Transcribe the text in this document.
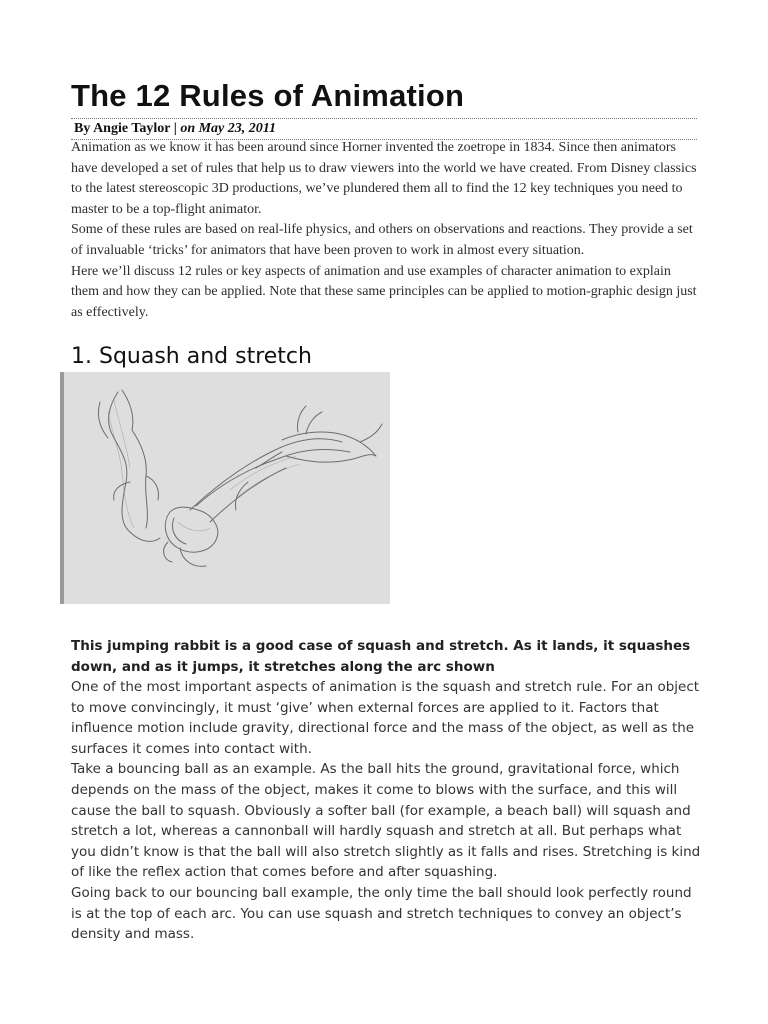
The 12 Rules of Animation
By Angie Taylor | on May 23, 2011

Animation as we know it has been around since Horner invented the zoetrope in 1834. Since then animators have developed a set of rules that help us to draw viewers into the world we have created. From Disney classics to the latest stereoscopic 3D productions, we’ve plundered them all to find the 12 key techniques you need to master to be a top-flight animator.

Some of these rules are based on real-life physics, and others on observations and reactions. They provide a set of invaluable ‘tricks’ for animators that have been proven to work in almost every situation.

Here we’ll discuss 12 rules or key aspects of animation and use examples of character animation to explain them and how they can be applied. Note that these same principles can be applied to motion-graphic design just as effectively.

1. Squash and stretch

This jumping rabbit is a good case of squash and stretch. As it lands, it squashes down, and as it jumps, it stretches along the arc shown

One of the most important aspects of animation is the squash and stretch rule. For an object to move convincingly, it must ‘give’ when external forces are applied to it. Factors that influence motion include gravity, directional force and the mass of the object, as well as the surfaces it comes into contact with.

Take a bouncing ball as an example. As the ball hits the ground, gravitational force, which depends on the mass of the object, makes it come to blows with the surface, and this will cause the ball to squash. Obviously a softer ball (for example, a beach ball) will squash and stretch a lot, whereas a cannonball will hardly squash and stretch at all. But perhaps what you didn’t know is that the ball will also stretch slightly as it falls and rises. Stretching is kind of like the reflex action that comes before and after squashing.

Going back to our bouncing ball example, the only time the ball should look perfectly round is at the top of each arc. You can use squash and stretch techniques to convey an object’s density and mass.
